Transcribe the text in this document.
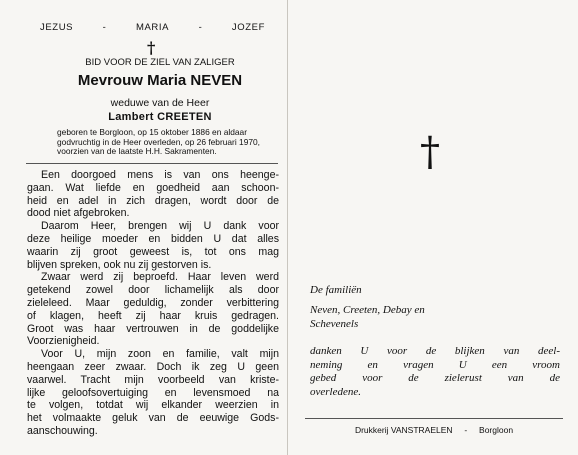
JEZUS	-	MARIA	-	JOZEF
†
BID VOOR DE ZIEL VAN ZALIGER
Mevrouw Maria NEVEN
weduwe van de Heer
Lambert CREETEN
geboren te Borgloon, op 15 oktober 1886 en aldaar
godvruchtig in de Heer overleden, op 26 februari 1970,
voorzien van de laatste H.H. Sakramenten.
Een doorgoed mens is van ons heenge-
gaan. Wat liefde en goedheid aan schoon-
heid en adel in zich dragen, wordt door de
dood niet afgebroken.
Daarom Heer, brengen wij U dank voor
deze heilige moeder en bidden U dat alles
waarin zij groot geweest is, tot ons mag
blijven spreken, ook nu zij gestorven is.
Zwaar werd zij beproefd. Haar leven werd
getekend zowel door lichamelijk als door
zieleleed. Maar geduldig, zonder verbittering
of klagen, heeft zij haar kruis gedragen.
Groot was haar vertrouwen in de goddelijke
Voorzienigheid.
Voor U, mijn zoon en familie, valt mijn
heengaan zeer zwaar. Doch ik zeg U geen
vaarwel. Tracht mijn voorbeeld van kriste-
lijke geloofsovertuiging en levensmoed na
te volgen, totdat wij elkander weerzien in
het volmaakte geluk van de eeuwige Gods-
aanschouwing.
†
De familiën
Neven, Creeten, Debay en
Schevenels
danken U voor de blijken van deel-
neming en vragen U een vroom
gebed voor de zielerust van de
overledene.
Drukkerij VANSTRAELEN
-
Borgloon
